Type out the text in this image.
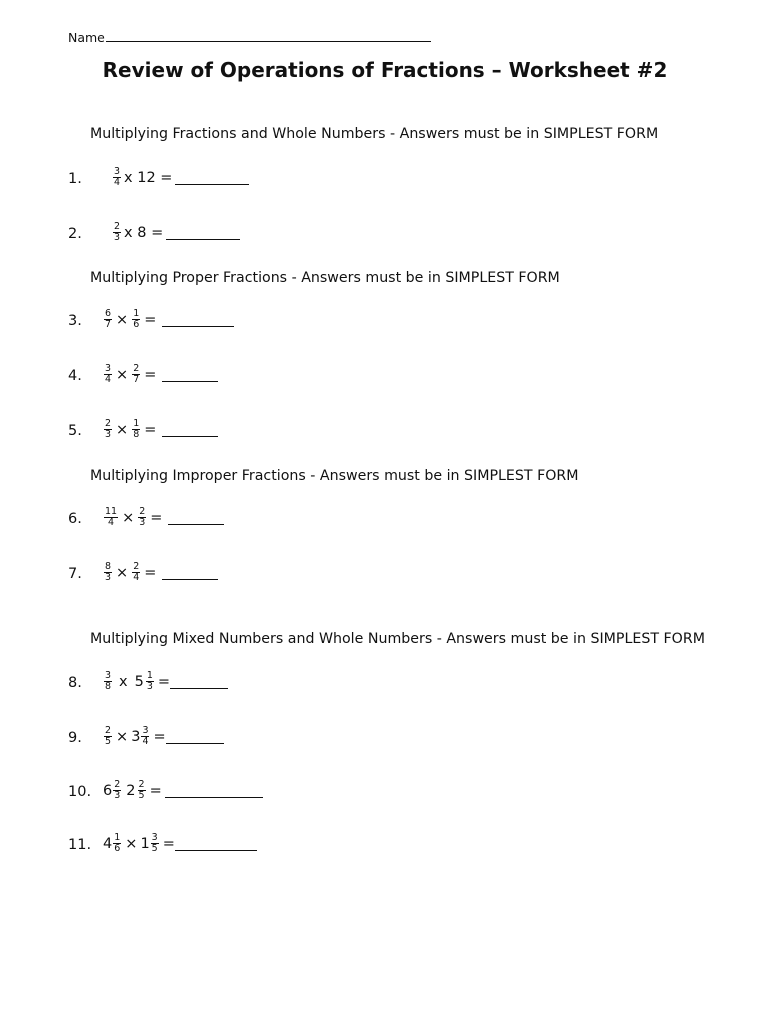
Name
Review of Operations of Fractions – Worksheet #2
Multiplying Fractions and Whole Numbers - Answers must be in SIMPLEST FORM
Multiplying Proper Fractions - Answers must be in SIMPLEST FORM
Multiplying Improper Fractions - Answers must be in SIMPLEST FORM
Multiplying Mixed Numbers and Whole Numbers - Answers must be in SIMPLEST FORM
1.	$\frac{3}{4}$ x 12 =
2.	$\frac{2}{3}$ x 8 =
3. $\frac{6}{7} \times \frac{1}{6}$ =
4. $\frac{3}{4} \times \frac{2}{7}$ =
5. $\frac{2}{3} \times \frac{1}{8}$ =
6. $\frac{11}{4} \times \frac{2}{3}$ =
7. $\frac{8}{3} \times \frac{2}{4}$ =
8. $\frac{3}{8}$ x $5 \frac{1}{3}$ =
9. $\frac{2}{5} \times 3 \frac{3}{4}$ =
10. $6 \frac{2}{3} 2 \frac{2}{5}$ =
11. $4 \frac{1}{6} \times 1 \frac{3}{5}$ =
